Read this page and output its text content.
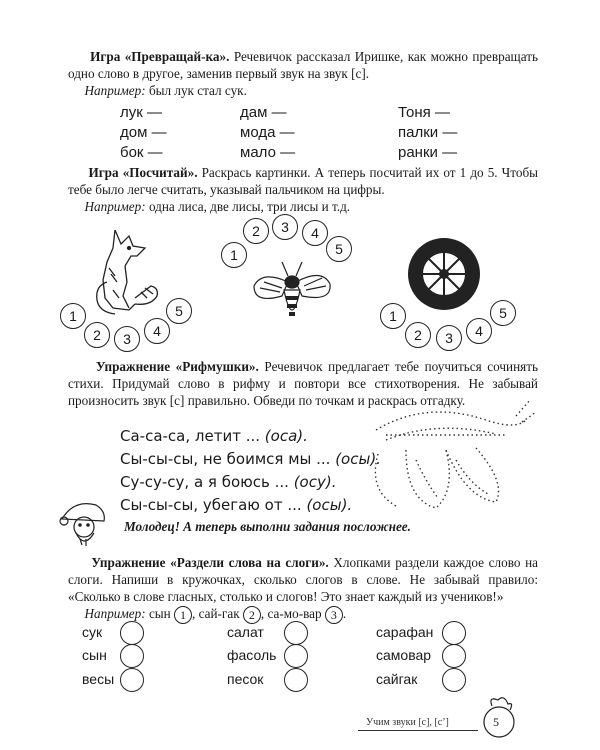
Игра «Превращай-ка». Речевичок рассказал Иришке, как можно превращать одно слово в другое, заменив первый звук на звук [с].
Например: был лук стал сук.
лук —	дам —	Тоня —
дом —	мода —	палки —
бок —	мало —	ранки —
Игра «Посчитай». Раскрась картинки. А теперь посчитай их от 1 до 5. Чтобы тебе было легче считать, указывай пальчиком на цифры.
Например: одна лиса, две лисы, три лисы и т.д.
1
2	3	4
5
1
2	3	4
5
1
2	3	4
5
Упражнение «Рифмушки». Речевичок предлагает тебе поучиться сочинять стихи. Придумай слово в рифму и повтори все стихотворения. Не забывай произносить звук [с] правильно. Обведи по точкам и раскрась отгадку.
Са-са-са, летит ... (оса).
Сы-сы-сы, не боимся мы ... (осы).
Су-су-су, а я боюсь ... (осу).
Сы-сы-сы, убегаю от ... (осы).
Молодец! А теперь выполни задания посложнее.
Упражнение «Раздели слова на слоги». Хлопками раздели каждое слово на слоги. Напиши в кружочках, сколько слогов в слове. Не забывай правило: «Сколько в слове гласных, столько и слогов! Это знает каждый из учеников!»
Например: сын 1 , сай-гак 2 , са-мо-вар 3 .
сук	салат	сарафан
сын	фасоль	самовар
весы	песок	сайгак
Учим звуки [с], [с’]	5
